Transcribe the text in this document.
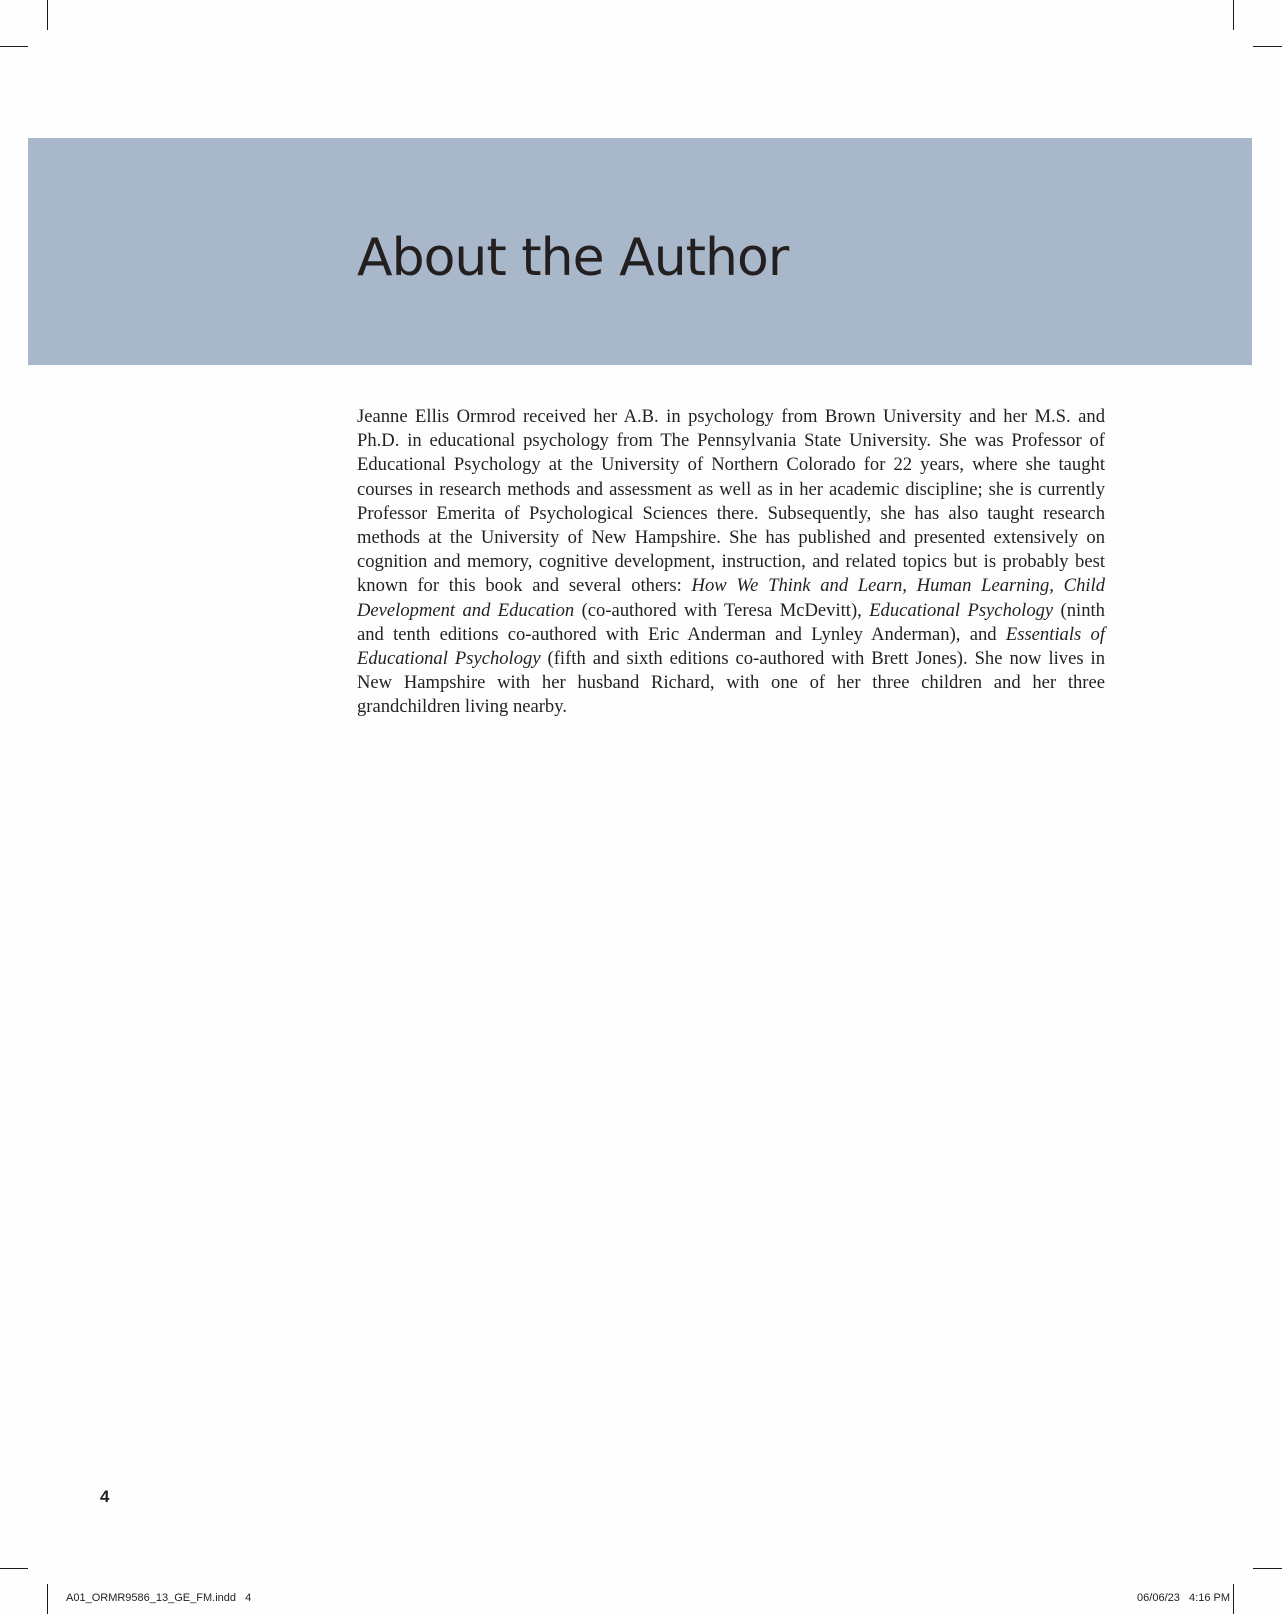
About the Author

Jeanne Ellis Ormrod received her A.B. in psychology from Brown University and her M.S. and Ph.D. in educational psychology from The Pennsylvania State University. She was Professor of Educational Psychology at the University of Northern Colorado for 22 years, where she taught courses in research methods and assessment as well as in her academic discipline; she is currently Professor Emerita of Psychological Sciences there. Subsequently, she has also taught research methods at the University of New Hampshire. She has published and presented extensively on cognition and memory, cognitive development, instruction, and related topics but is probably best known for this book and several others: How We Think and Learn, Human Learning, Child Development and Education (co-authored with Teresa McDevitt), Educational Psychology (ninth and tenth editions co-authored with Eric Anderman and Lynley Anderman), and Essentials of Educational Psychology (fifth and sixth editions co-authored with Brett Jones). She now lives in New Hampshire with her husband Richard, with one of her three children and her three grandchildren living nearby.

4
A01_ORMR9586_13_GE_FM.indd   4	06/06/23   4:16 PM
